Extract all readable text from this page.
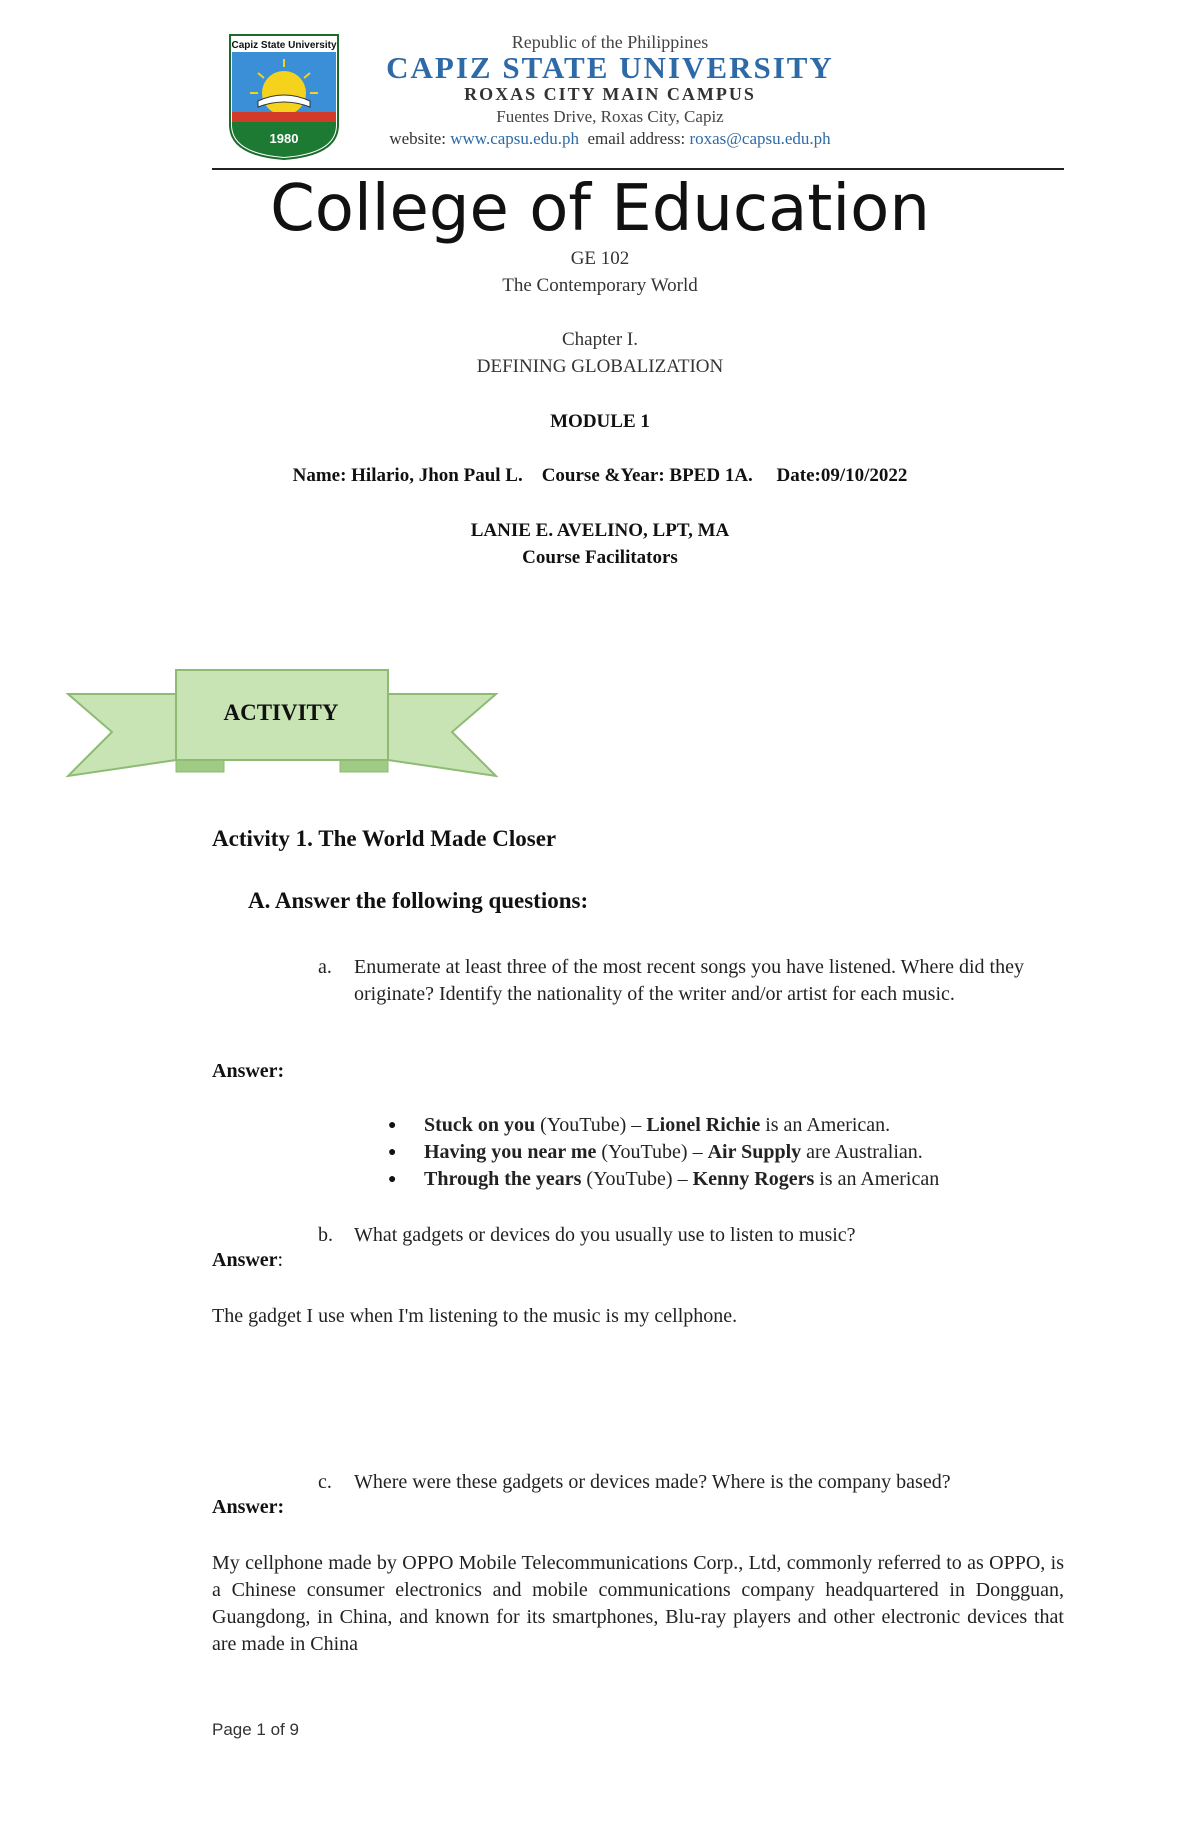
Capiz State University
1980
Republic of the Philippines
CAPIZ STATE UNIVERSITY
ROXAS CITY MAIN CAMPUS
Fuentes Drive, Roxas City, Capiz
website: www.capsu.edu.ph email address: roxas@capsu.edu.ph
College of Education
GE 102
The Contemporary World
Chapter I.
DEFINING GLOBALIZATION
MODULE 1
Name: Hilario, Jhon Paul L.    Course &Year: BPED 1A.     Date:09/10/2022
LANIE E. AVELINO, LPT, MA
Course Facilitators
ACTIVITY
Activity 1. The World Made Closer
A. Answer the following questions:
a. Enumerate at least three of the most recent songs you have listened. Where did they originate? Identify the nationality of the writer and/or artist for each music.
Answer:
● Stuck on you (YouTube) – Lionel Richie is an American.
● Having you near me (YouTube) – Air Supply are Australian.
● Through the years (YouTube) – Kenny Rogers is an American
b. What gadgets or devices do you usually use to listen to music?
Answer:
The gadget I use when I'm listening to the music is my cellphone.
c. Where were these gadgets or devices made? Where is the company based?
Answer:
My cellphone made by OPPO Mobile Telecommunications Corp., Ltd, commonly referred to as OPPO, is a Chinese consumer electronics and mobile communications company headquartered in Dongguan, Guangdong, in China, and known for its smartphones, Blu-ray players and other electronic devices that are made in China
Page 1 of 9
